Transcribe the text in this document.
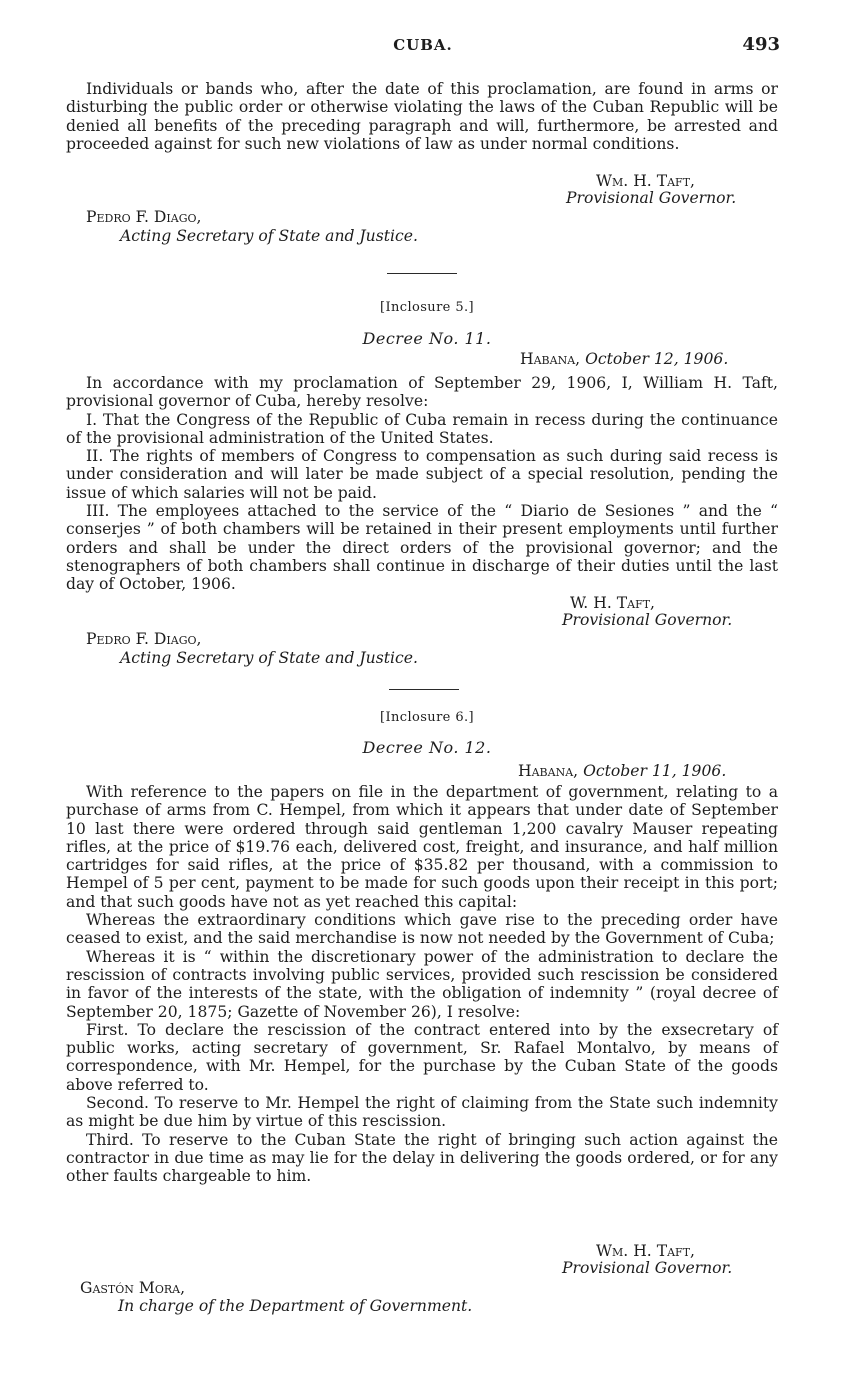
CUBA.	493

Individuals or bands who, after the date of this proclamation, are found in arms or disturbing the public order or otherwise violating the laws of the Cuban Republic will be denied all benefits of the preceding paragraph and will, furthermore, be arrested and proceeded against for such new violations of law as under normal conditions.

Wm. H. Taft,
Provisional Governor.
Pedro F. Diago,
Acting Secretary of State and Justice.
[Inclosure 5.]
Decree No. 11.
Habana, October 12, 1906.

In accordance with my proclamation of September 29, 1906, I, William H. Taft, provisional governor of Cuba, hereby resolve:

I. That the Congress of the Republic of Cuba remain in recess during the continuance of the provisional administration of the United States.

II. The rights of members of Congress to compensation as such during said recess is under consideration and will later be made subject of a special resolution, pending the issue of which salaries will not be paid.

III. The employees attached to the service of the “ Diario de Sesiones ” and the “ conserjes ” of both chambers will be retained in their present employments until further orders and shall be under the direct orders of the provisional governor; and the stenographers of both chambers shall continue in discharge of their duties until the last day of October, 1906.

W. H. Taft,
Provisional Governor.
Pedro F. Diago,
Acting Secretary of State and Justice.
[Inclosure 6.]
Decree No. 12.
Habana, October 11, 1906.

With reference to the papers on file in the department of government, relating to a purchase of arms from C. Hempel, from which it appears that under date of September 10 last there were ordered through said gentleman 1,200 cavalry Mauser repeating rifles, at the price of $19.76 each, delivered cost, freight, and insurance, and half million cartridges for said rifles, at the price of $35.82 per thousand, with a commission to Hempel of 5 per cent, payment to be made for such goods upon their receipt in this port; and that such goods have not as yet reached this capital:

Whereas the extraordinary conditions which gave rise to the preceding order have ceased to exist, and the said merchandise is now not needed by the Government of Cuba;

Whereas it is “ within the discretionary power of the administration to declare the rescission of contracts involving public services, provided such rescission be considered in favor of the interests of the state, with the obligation of indemnity ” (royal decree of September 20, 1875; Gazette of November 26), I resolve:

First. To declare the rescission of the contract entered into by the exsecretary of public works, acting secretary of government, Sr. Rafael Montalvo, by means of correspondence, with Mr. Hempel, for the purchase by the Cuban State of the goods above referred to.

Second. To reserve to Mr. Hempel the right of claiming from the State such indemnity as might be due him by virtue of this rescission.

Third. To reserve to the Cuban State the right of bringing such action against the contractor in due time as may lie for the delay in delivering the goods ordered, or for any other faults chargeable to him.

Wm. H. Taft,
Provisional Governor.
Gastón Mora,
In charge of the Department of Government.
